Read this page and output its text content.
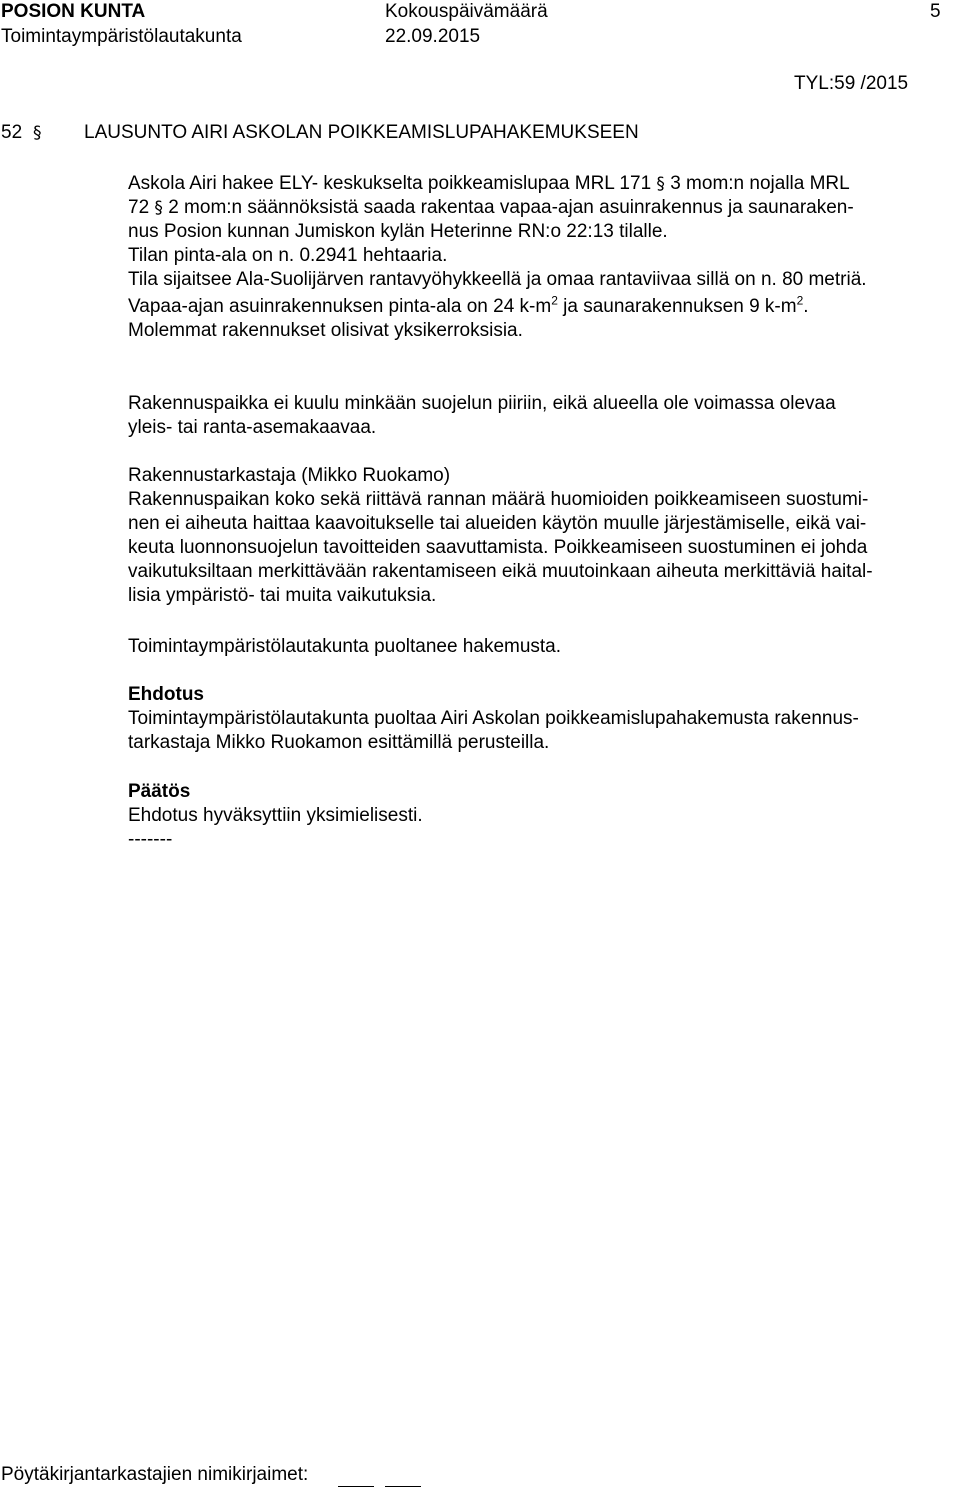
POSION KUNTA
Toimintaympäristölautakunta
Kokouspäivämäärä
22.09.2015
5
TYL:59 /2015
52 § LAUSUNTO AIRI ASKOLAN POIKKEAMISLUPAHAKEMUKSEEN
Askola Airi hakee ELY- keskukselta poikkeamislupaa MRL 171 § 3 mom:n nojalla MRL
72 § 2 mom:n säännöksistä saada rakentaa vapaa-ajan asuinrakennus ja saunaraken-
nus Posion kunnan Jumiskon kylän Heterinne RN:o 22:13 tilalle.
Tilan pinta-ala on n. 0.2941 hehtaaria.
Tila sijaitsee Ala-Suolijärven rantavyöhykkeellä ja omaa rantaviivaa sillä on n. 80 metriä.
Vapaa-ajan asuinrakennuksen pinta-ala on 24 $k-m^2$ ja saunarakennuksen 9 $k-m^2$.
Molemmat rakennukset olisivat yksikerroksisia.
Rakennuspaikka ei kuulu minkään suojelun piiriin, eikä alueella ole voimassa olevaa
yleis- tai ranta-asemakaavaa.
Rakennustarkastaja (Mikko Ruokamo)
Rakennuspaikan koko sekä riittävä rannan määrä huomioiden poikkeamiseen suostumi-
nen ei aiheuta haittaa kaavoitukselle tai alueiden käytön muulle järjestämiselle, eikä vai-
keuta luonnonsuojelun tavoitteiden saavuttamista. Poikkeamiseen suostuminen ei johda
vaikutuksiltaan merkittävään rakentamiseen eikä muutoinkaan aiheuta merkittäviä haital-
lisia ympäristö- tai muita vaikutuksia.
Toimintaympäristölautakunta puoltanee hakemusta.
Ehdotus
Toimintaympäristölautakunta puoltaa Airi Askolan poikkeamislupahakemusta rakennus-
tarkastaja Mikko Ruokamon esittämillä perusteilla.
Päätös
Ehdotus hyväksyttiin yksimielisesti.
-------
Pöytäkirjantarkastajien nimikirjaimet:
